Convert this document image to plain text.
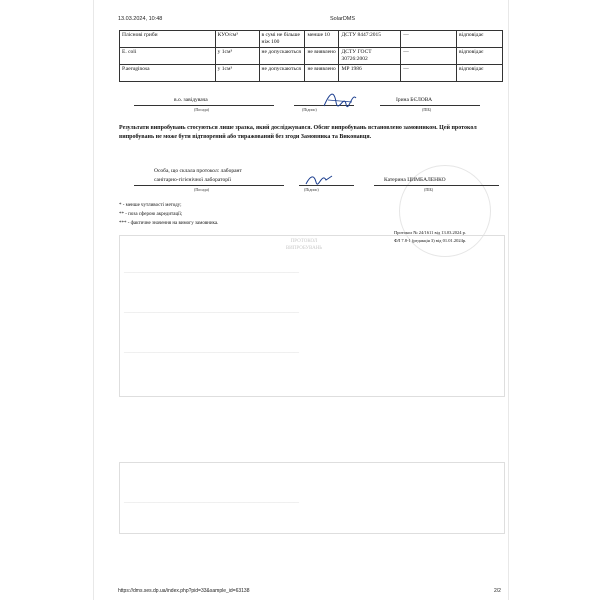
ПРОТОКОЛ
ВИПРОБУВАНЬ
———————————————————————————————————
———————————————————————————————————
———————————————————————————————————
———————————————————————————————————
13.03.2024, 10:48	SolarDMS
Пліснові гриби	КУО/см³	в сумі не більше ніж 100	менше 10	ДСТУ 8447:2015	—	відповідає
E. coli	у 1см³	не допускаються	не виявлено	ДСТУ ГОСТ 30726:2002	—	відповідає
Р.аеruginosa	у 1см³	не допускаються	не виявлено	МР 1986	—	відповідає
в.о. завідувача	Ірина БЄЛОВА
(Посада)	(Підпис)	(ПІБ)
Результати випробувань стосуються лише зразка, який досліджувався. Обсяг випробувань встановлено замовником. Цей протокол випробувань не може бути відтворений або тиражований без згоди Замовника та Виконавця.
Особа, що склала протокол: лаборант
санітарно-гігієнічної лабораторії	Катерина ЦИМБАЛЕНКО
(Посада)	(Підпис)	(ПІБ)
* - менше чутливості методу;
** - поза сферою акредитації;
*** - фактичне значення на вимогу замовника.
Протокол № 24/1611 від 13.03.2024 р.
ФЛ 7.8-1 (редакція 3) від 01.01.2024р.
https://dms.ses.dp.ua/index.php?pid=33&sample_id=63138	2/2
